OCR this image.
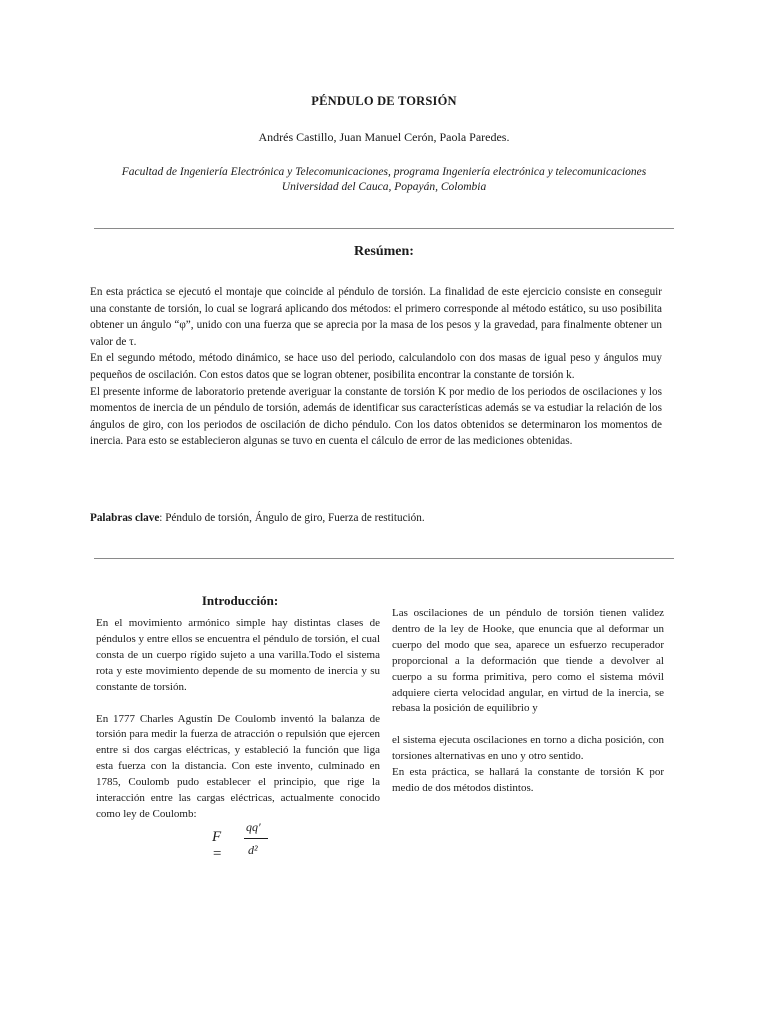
PÉNDULO DE TORSIÓN
Andrés Castillo, Juan Manuel Cerón, Paola Paredes.
Facultad de Ingeniería Electrónica y Telecomunicaciones, programa Ingeniería electrónica y telecomunicaciones
Universidad del Cauca, Popayán, Colombia
Resúmen:

En esta práctica se ejecutó el montaje que coincide al péndulo de torsión. La finalidad de este ejercicio consiste en conseguir una constante de torsión, lo cual se logrará aplicando dos métodos: el primero corresponde al método estático, su uso posibilita obtener un ángulo “φ”, unido con una fuerza que se aprecia por la masa de los pesos y la gravedad, para finalmente obtener un valor de τ.

En el segundo método, método dinámico, se hace uso del periodo, calculandolo con dos masas de igual peso y ángulos muy pequeños de oscilación. Con estos datos que se logran obtener, posibilita encontrar la constante de torsión k.

El presente informe de laboratorio pretende averiguar la constante de torsión K por medio de los periodos de oscilaciones y los momentos de inercia de un péndulo de torsión, además de identificar sus características además se va estudiar la relación de los ángulos de giro, con los periodos de oscilación de dicho péndulo. Con los datos obtenidos se determinaron los momentos de inercia. Para esto se establecieron algunas se tuvo en cuenta el cálculo de error de las mediciones obtenidas.

Palabras clave: Péndulo de torsión, Ángulo de giro, Fuerza de restitución.
Introducción:

En el movimiento armónico simple hay distintas clases de péndulos y entre ellos se encuentra el péndulo de torsión, el cual consta de un cuerpo rígido sujeto a una varilla.Todo el sistema rota y este movimiento depende de su momento de inercia y su constante de torsión.

En 1777 Charles Agustín De Coulomb inventó la balanza de torsión para medir la fuerza de atracción o repulsión que ejercen entre si dos cargas eléctricas, y estableció la función que liga esta fuerza con la distancia. Con este invento, culminado en 1785, Coulomb pudo establecer el principio, que rige la interacción entre las cargas eléctricas, actualmente conocido como ley de Coulomb:

F =
qq′
d²

Las oscilaciones de un péndulo de torsión tienen validez dentro de la ley de Hooke, que enuncia que al deformar un cuerpo del modo que sea, aparece un esfuerzo recuperador proporcional a la deformación que tiende a devolver al cuerpo a su forma primitiva, pero como el sistema móvil adquiere cierta velocidad angular, en virtud de la inercia, se rebasa la posición de equilibrio y

el sistema ejecuta oscilaciones en torno a dicha posición, con torsiones alternativas en uno y otro sentido.

En esta práctica, se hallará la constante de torsión K por medio de dos métodos distintos.
